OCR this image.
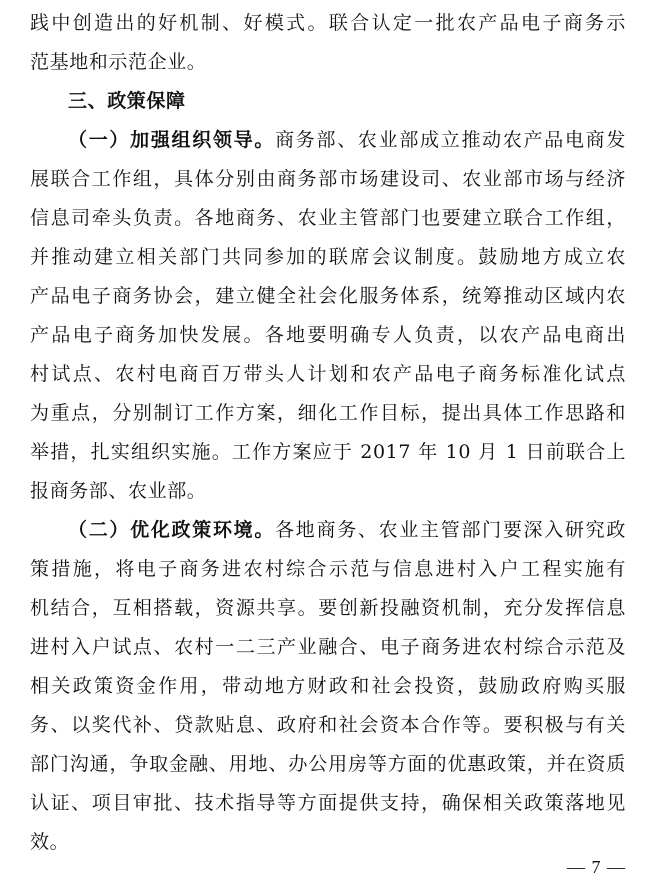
践中创造出的好机制、好模式。联合认定一批农产品电子商务示
范基地和示范企业。
三、政策保障
（一）加强组织领导。商务部、农业部成立推动农产品电商发
展联合工作组，具体分别由商务部市场建设司、农业部市场与经济
信息司牵头负责。各地商务、农业主管部门也要建立联合工作组，
并推动建立相关部门共同参加的联席会议制度。鼓励地方成立农
产品电子商务协会，建立健全社会化服务体系，统筹推动区域内农
产品电子商务加快发展。各地要明确专人负责，以农产品电商出
村试点、农村电商百万带头人计划和农产品电子商务标准化试点
为重点，分别制订工作方案，细化工作目标，提出具体工作思路和
举措，扎实组织实施。工作方案应于 2017 年 10 月 1 日前联合上
报商务部、农业部。
（二）优化政策环境。各地商务、农业主管部门要深入研究政
策措施，将电子商务进农村综合示范与信息进村入户工程实施有
机结合，互相搭载，资源共享。要创新投融资机制，充分发挥信息
进村入户试点、农村一二三产业融合、电子商务进农村综合示范及
相关政策资金作用，带动地方财政和社会投资，鼓励政府购买服
务、以奖代补、贷款贴息、政府和社会资本合作等。要积极与有关
部门沟通，争取金融、用地、办公用房等方面的优惠政策，并在资质
认证、项目审批、技术指导等方面提供支持，确保相关政策落地见
效。
— 7 —
